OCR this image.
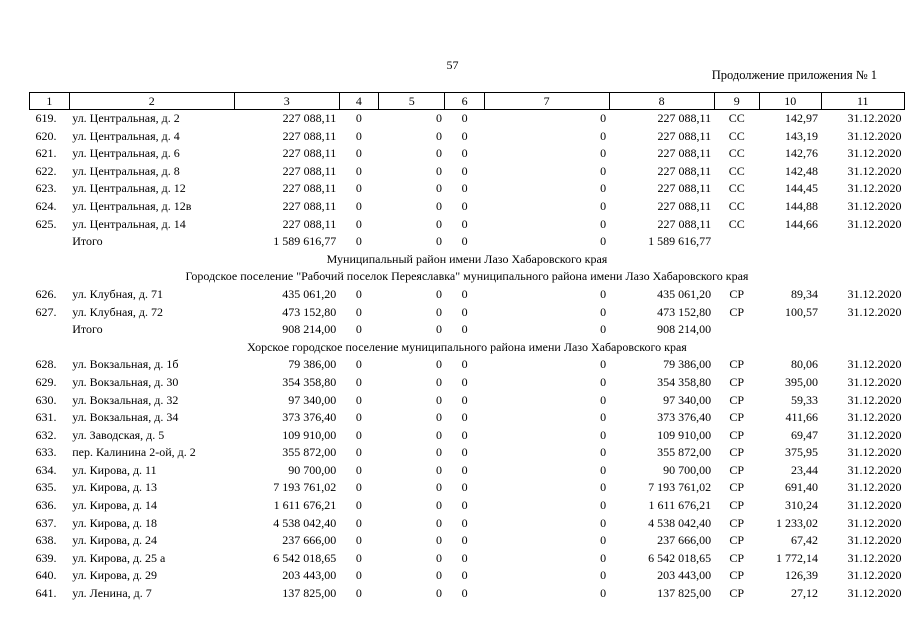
57
Продолжение приложения № 1
1	2	3	4	5	6	7	8	9	10	11
619.	ул. Центральная, д. 2	227 088,11	0	0	0	0	227 088,11	СС	142,97	31.12.2020
620.	ул. Центральная, д. 4	227 088,11	0	0	0	0	227 088,11	СС	143,19	31.12.2020
621.	ул. Центральная, д. 6	227 088,11	0	0	0	0	227 088,11	СС	142,76	31.12.2020
622.	ул. Центральная, д. 8	227 088,11	0	0	0	0	227 088,11	СС	142,48	31.12.2020
623.	ул. Центральная, д. 12	227 088,11	0	0	0	0	227 088,11	СС	144,45	31.12.2020
624.	ул. Центральная, д. 12в	227 088,11	0	0	0	0	227 088,11	СС	144,88	31.12.2020
625.	ул. Центральная, д. 14	227 088,11	0	0	0	0	227 088,11	СС	144,66	31.12.2020
	Итого	1 589 616,77	0	0	0	0	1 589 616,77			
Муниципальный район имени Лазо Хабаровского края										
Городское поселение "Рабочий поселок Переяславка" муниципального района имени Лазо Хабаровского края										
626.	ул. Клубная, д. 71	435 061,20	0	0	0	0	435 061,20	СР	89,34	31.12.2020
627.	ул. Клубная, д. 72	473 152,80	0	0	0	0	473 152,80	СР	100,57	31.12.2020
	Итого	908 214,00	0	0	0	0	908 214,00			
Хорское городское поселение муниципального района имени Лазо Хабаровского края										
628.	ул. Вокзальная, д. 1б	79 386,00	0	0	0	0	79 386,00	СР	80,06	31.12.2020
629.	ул. Вокзальная, д. 30	354 358,80	0	0	0	0	354 358,80	СР	395,00	31.12.2020
630.	ул. Вокзальная, д. 32	97 340,00	0	0	0	0	97 340,00	СР	59,33	31.12.2020
631.	ул. Вокзальная, д. 34	373 376,40	0	0	0	0	373 376,40	СР	411,66	31.12.2020
632.	ул. Заводская, д. 5	109 910,00	0	0	0	0	109 910,00	СР	69,47	31.12.2020
633.	пер. Калинина 2-ой, д. 2	355 872,00	0	0	0	0	355 872,00	СР	375,95	31.12.2020
634.	ул. Кирова, д. 11	90 700,00	0	0	0	0	90 700,00	СР	23,44	31.12.2020
635.	ул. Кирова, д. 13	7 193 761,02	0	0	0	0	7 193 761,02	СР	691,40	31.12.2020
636.	ул. Кирова, д. 14	1 611 676,21	0	0	0	0	1 611 676,21	СР	310,24	31.12.2020
637.	ул. Кирова, д. 18	4 538 042,40	0	0	0	0	4 538 042,40	СР	1 233,02	31.12.2020
638.	ул. Кирова, д. 24	237 666,00	0	0	0	0	237 666,00	СР	67,42	31.12.2020
639.	ул. Кирова, д. 25 а	6 542 018,65	0	0	0	0	6 542 018,65	СР	1 772,14	31.12.2020
640.	ул. Кирова, д. 29	203 443,00	0	0	0	0	203 443,00	СР	126,39	31.12.2020
641.	ул. Ленина, д. 7	137 825,00	0	0	0	0	137 825,00	СР	27,12	31.12.2020
